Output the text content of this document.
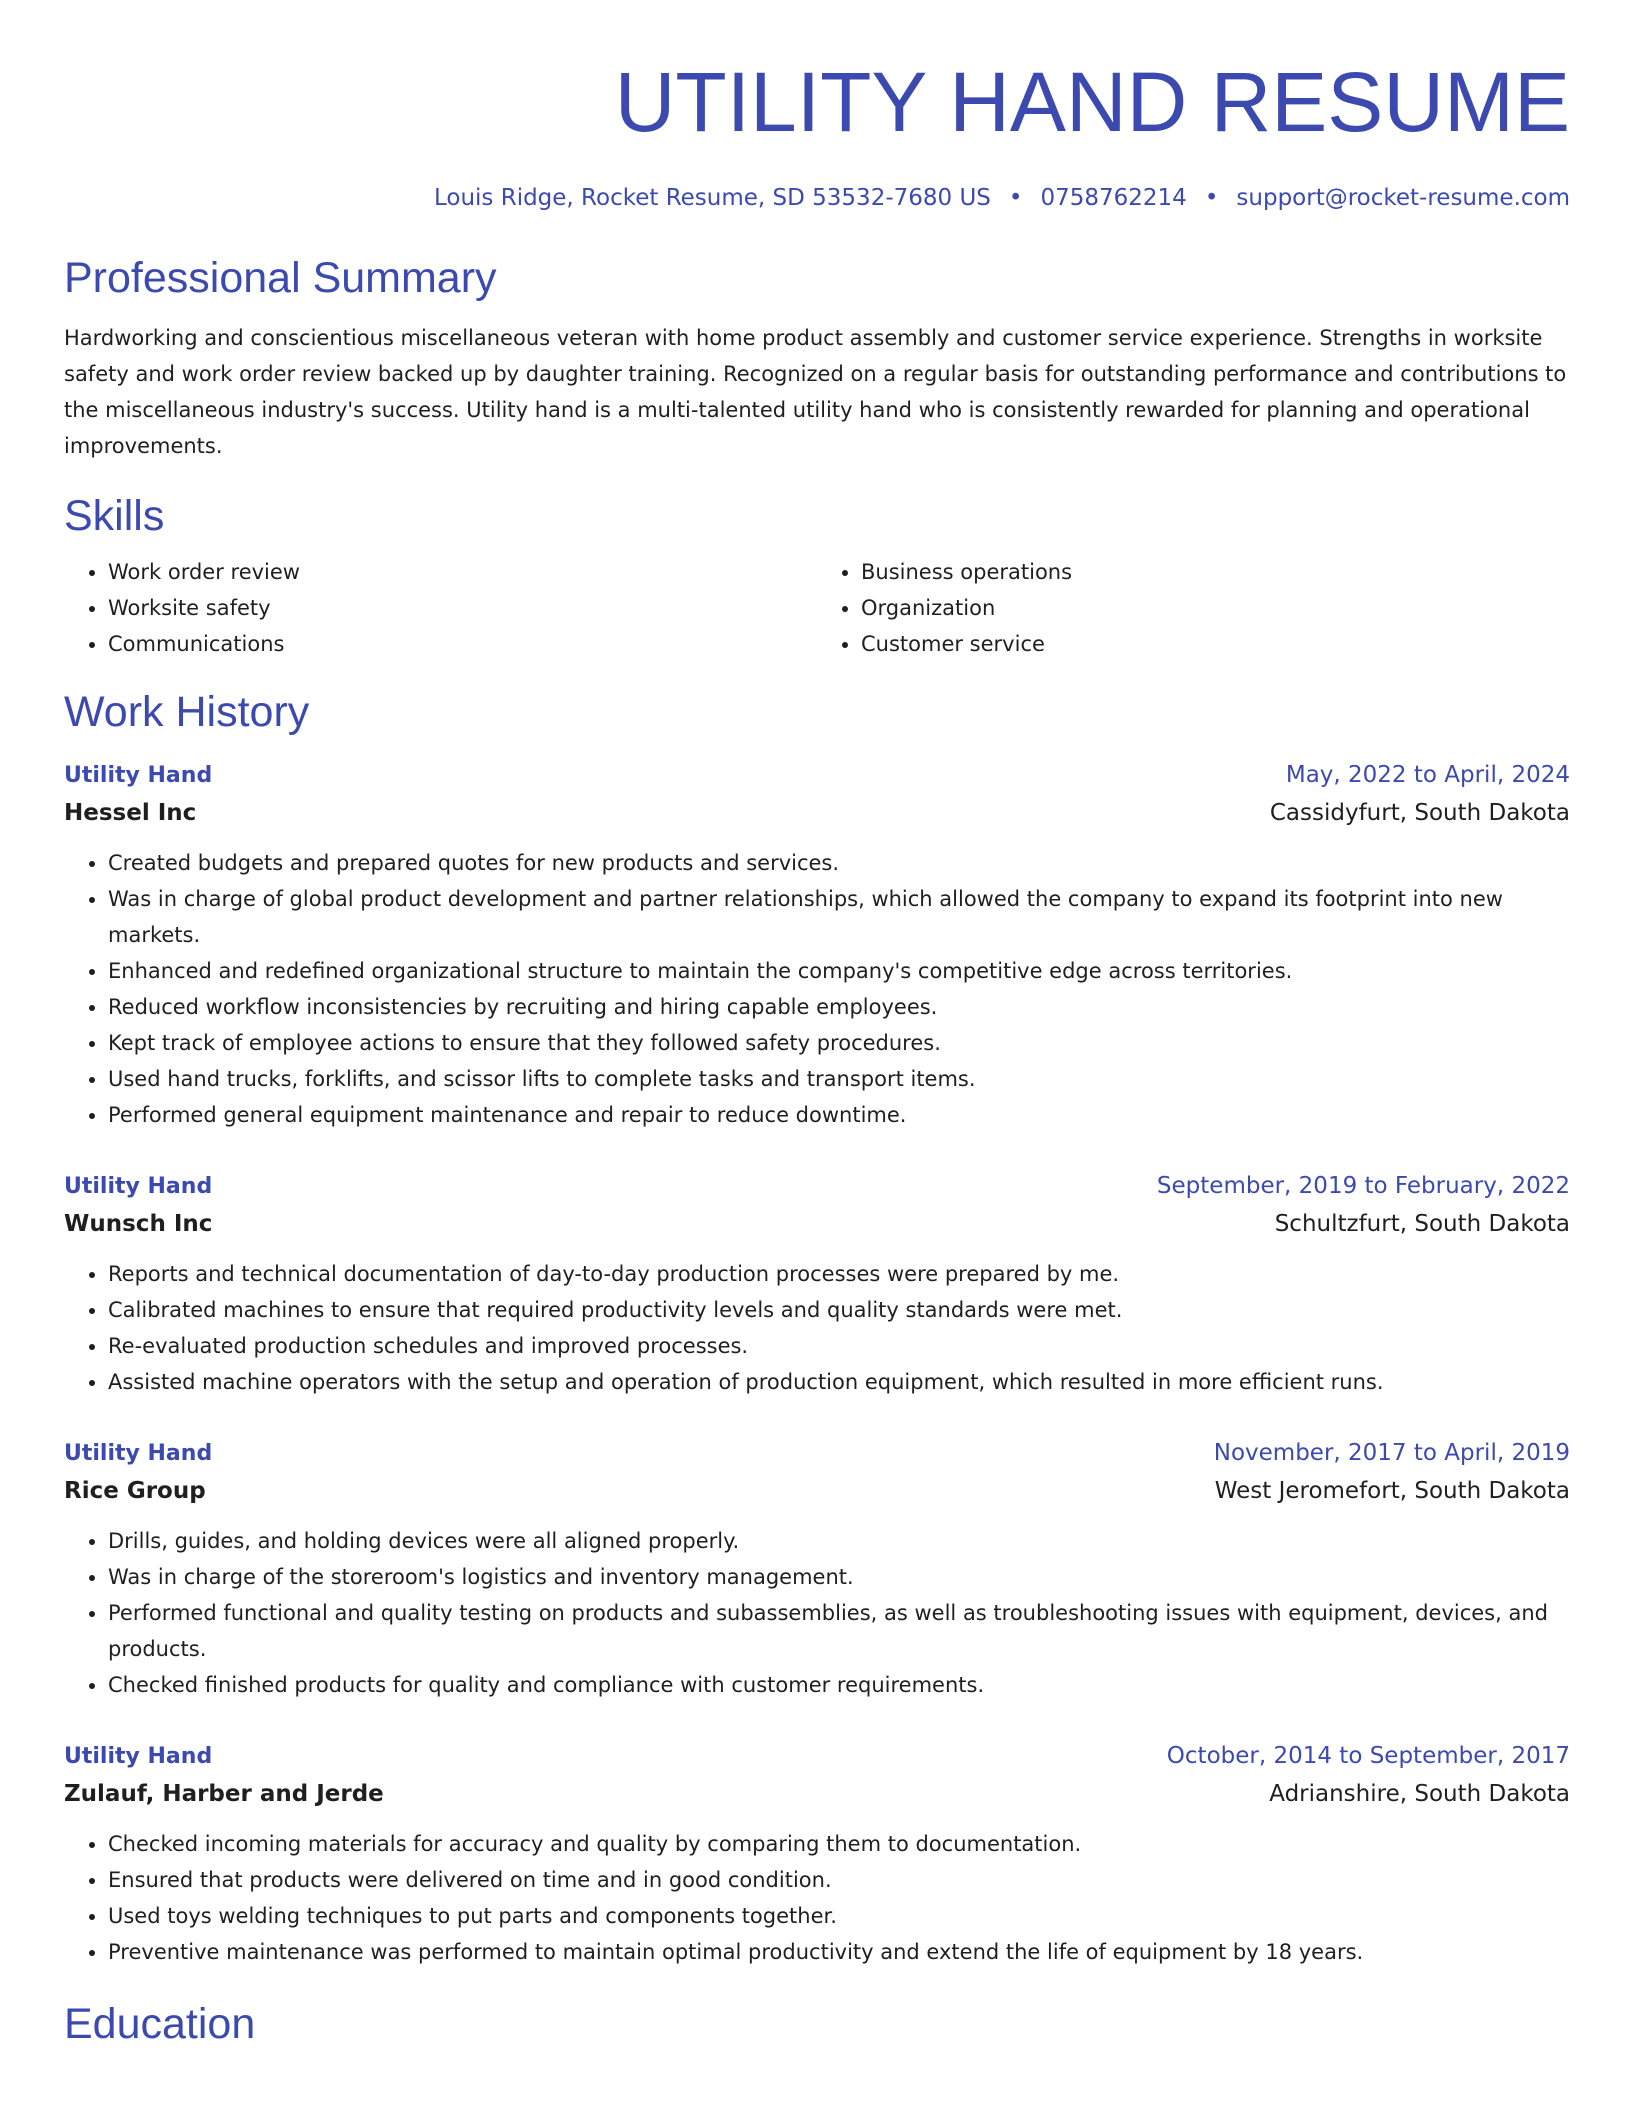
UTILITY HAND RESUME
Louis Ridge, Rocket Resume, SD 53532-7680 US • 0758762214 • support@rocket-resume.com
Professional Summary

Hardworking and conscientious miscellaneous veteran with home product assembly and customer service experience. Strengths in worksite safety and work order review backed up by daughter training. Recognized on a regular basis for outstanding performance and contributions to the miscellaneous industry's success. Utility hand is a multi-talented utility hand who is consistently rewarded for planning and operational improvements.

Skills
• Work order review
• Worksite safety
• Communications
• Business operations
• Organization
• Customer service
Work History
Utility Hand	May, 2022 to April, 2024
Hessel Inc	Cassidyfurt, South Dakota
• Created budgets and prepared quotes for new products and services.
• Was in charge of global product development and partner relationships, which allowed the company to expand its footprint into new markets.
• Enhanced and redefined organizational structure to maintain the company's competitive edge across territories.
• Reduced workflow inconsistencies by recruiting and hiring capable employees.
• Kept track of employee actions to ensure that they followed safety procedures.
• Used hand trucks, forklifts, and scissor lifts to complete tasks and transport items.
• Performed general equipment maintenance and repair to reduce downtime.
Utility Hand	September, 2019 to February, 2022
Wunsch Inc	Schultzfurt, South Dakota
• Reports and technical documentation of day-to-day production processes were prepared by me.
• Calibrated machines to ensure that required productivity levels and quality standards were met.
• Re-evaluated production schedules and improved processes.
• Assisted machine operators with the setup and operation of production equipment, which resulted in more efficient runs.
Utility Hand	November, 2017 to April, 2019
Rice Group	West Jeromefort, South Dakota
• Drills, guides, and holding devices were all aligned properly.
• Was in charge of the storeroom's logistics and inventory management.
• Performed functional and quality testing on products and subassemblies, as well as troubleshooting issues with equipment, devices, and products.
• Checked finished products for quality and compliance with customer requirements.
Utility Hand	October, 2014 to September, 2017
Zulauf, Harber and Jerde	Adrianshire, South Dakota
• Checked incoming materials for accuracy and quality by comparing them to documentation.
• Ensured that products were delivered on time and in good condition.
• Used toys welding techniques to put parts and components together.
• Preventive maintenance was performed to maintain optimal productivity and extend the life of equipment by 18 years.
Education
